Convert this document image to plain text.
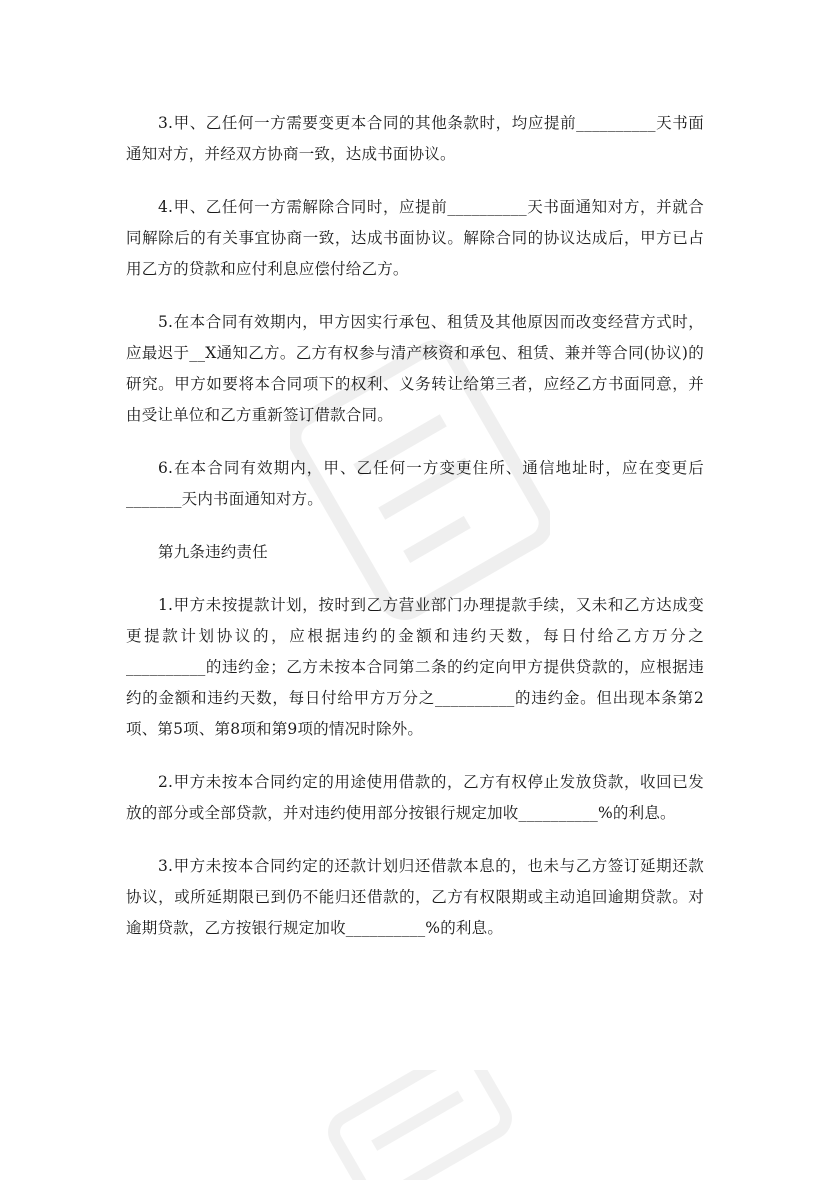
3.甲、乙任何一方需要变更本合同的其他条款时，均应提前__________天书面通知对方，并经双方协商一致，达成书面协议。

4.甲、乙任何一方需解除合同时，应提前__________天书面通知对方，并就合同解除后的有关事宜协商一致，达成书面协议。解除合同的协议达成后，甲方已占用乙方的贷款和应付利息应偿付给乙方。

5.在本合同有效期内，甲方因实行承包、租赁及其他原因而改变经营方式时，应最迟于__X通知乙方。乙方有权参与清产核资和承包、租赁、兼并等合同(协议)的研究。甲方如要将本合同项下的权利、义务转让给第三者，应经乙方书面同意，并由受让单位和乙方重新签订借款合同。

6.在本合同有效期内，甲、乙任何一方变更住所、通信地址时，应在变更后_______天内书面通知对方。

第九条违约责任

1.甲方未按提款计划，按时到乙方营业部门办理提款手续，又未和乙方达成变更提款计划协议的，应根据违约的金额和违约天数，每日付给乙方万分之__________的违约金；乙方未按本合同第二条的约定向甲方提供贷款的，应根据违约的金额和违约天数，每日付给甲方万分之__________的违约金。但出现本条第2项、第5项、第8项和第9项的情况时除外。

2.甲方未按本合同约定的用途使用借款的，乙方有权停止发放贷款，收回已发放的部分或全部贷款，并对违约使用部分按银行规定加收__________%的利息。

3.甲方未按本合同约定的还款计划归还借款本息的，也未与乙方签订延期还款协议，或所延期限已到仍不能归还借款的，乙方有权限期或主动追回逾期贷款。对逾期贷款，乙方按银行规定加收__________%的利息。
